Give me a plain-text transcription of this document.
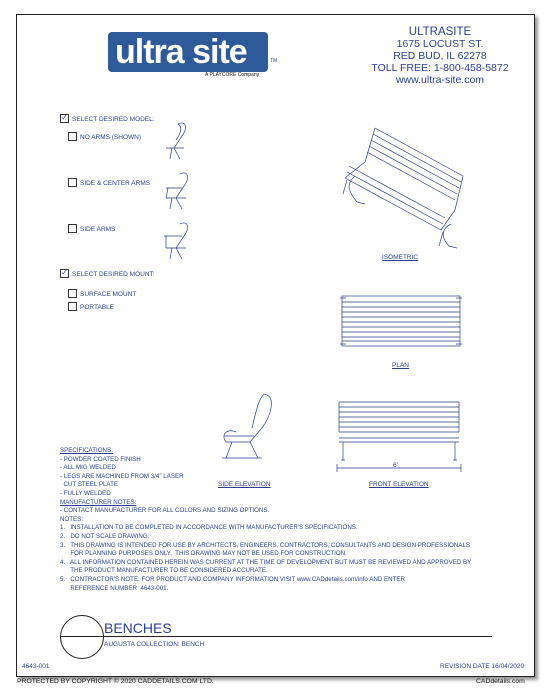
ultra site	TM
A PLAYCORE Company
ULTRASITE
1675 LOCUST ST.
RED BUD, IL 62278
TOLL FREE: 1-800-458-5872
www.ultra-site.com
✓ SELECT DESIRED MODEL:
NO ARMS (SHOWN)
SIDE & CENTER ARMS
SIDE ARMS
✓ SELECT DESIRED MOUNT:
SURFACE MOUNT
PORTABLE
ISOMETRIC
PLAN
SIDE ELEVATION
6'
FRONT ELEVATION
SPECIFICATIONS:
- POWDER COATED FINISH
- ALL MIG WELDED
- LEGS ARE MACHINED FROM 3/4" LASER
CUT STEEL PLATE
- FULLY WELDED
MANUFACTURER NOTES:
- CONTACT MANUFACTURER FOR ALL COLORS AND SIZING OPTIONS.
NOTES:
1.   INSTALLATION TO BE COMPLETED IN ACCORDANCE WITH MANUFACTURER'S SPECIFICATIONS.
2.   DO NOT SCALE DRAWING.
3.   THIS DRAWING IS INTENDED FOR USE BY ARCHITECTS, ENGINEERS, CONTRACTORS, CONSULTANTS AND DESIGN PROFESSIONALS
FOR PLANNING PURPOSES ONLY.  THIS DRAWING MAY NOT BE USED FOR CONSTRUCTION.
4.   ALL INFORMATION CONTAINED HEREIN WAS CURRENT AT THE TIME OF DEVELOPMENT BUT MUST BE REVIEWED AND APPROVED BY
THE PRODUCT MANUFACTURER TO BE CONSIDERED ACCURATE.
5.   CONTRACTOR'S NOTE: FOR PRODUCT AND COMPANY INFORMATION VISIT www.CADdetails.com/info AND ENTER
REFERENCE NUMBER  4643-001.
BENCHES
AUGUSTA COLLECTION: BENCH
4643-001	REVISION DATE 16/04/2020
PROTECTED BY COPYRIGHT © 2020 CADDETAILS.COM LTD.	CADdetails.com
